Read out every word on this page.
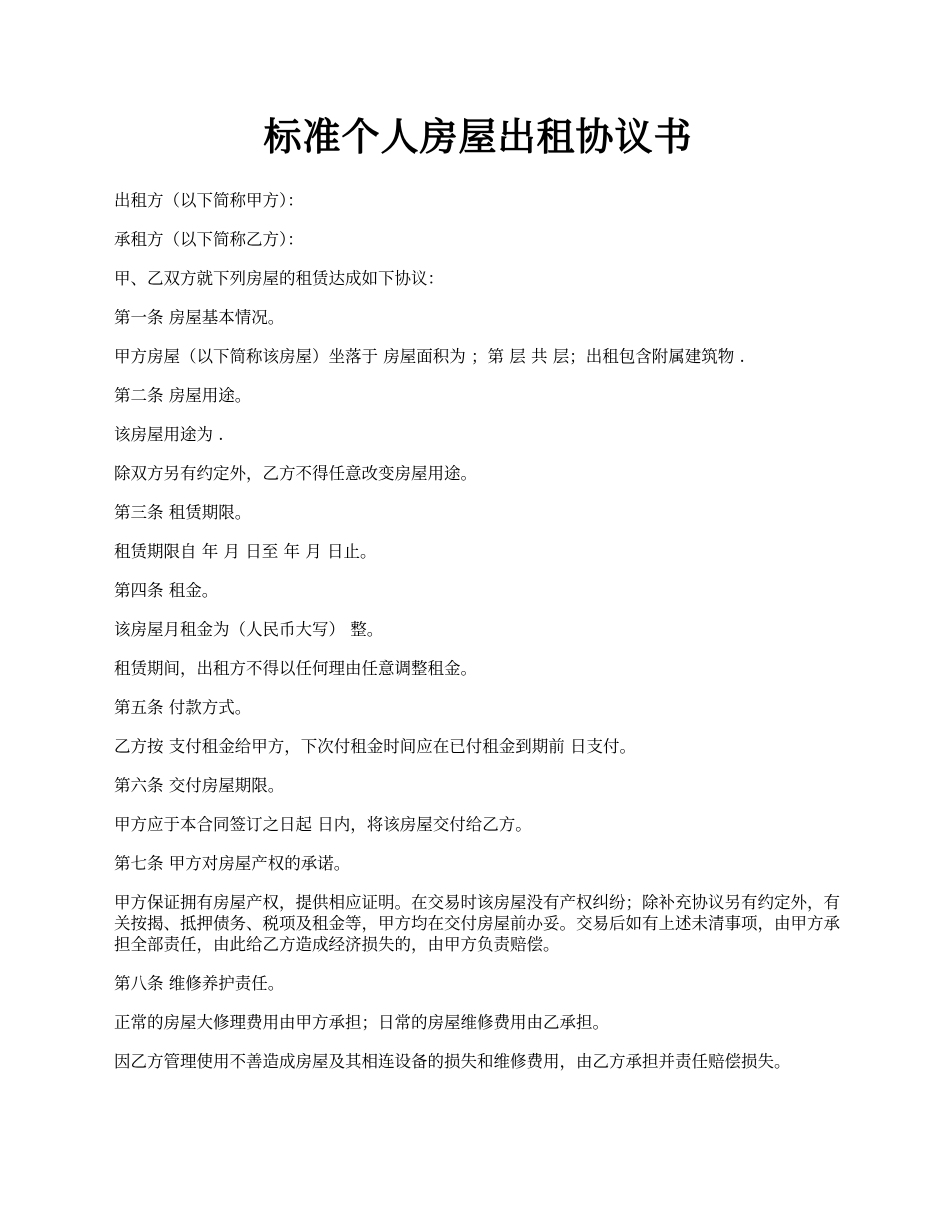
标准个人房屋出租协议书

出租方（以下简称甲方）：

承租方（以下简称乙方）：

甲、乙双方就下列房屋的租赁达成如下协议：

第一条 房屋基本情况。

甲方房屋（以下简称该房屋）坐落于 房屋面积为 ；第 层 共 层；出租包含附属建筑物 .

第二条 房屋用途。

该房屋用途为 .

除双方另有约定外，乙方不得任意改变房屋用途。

第三条 租赁期限。

租赁期限自 年 月 日至 年 月 日止。

第四条 租金。

该房屋月租金为（人民币大写） 整。

租赁期间，出租方不得以任何理由任意调整租金。

第五条 付款方式。

乙方按 支付租金给甲方，下次付租金时间应在已付租金到期前 日支付。

第六条 交付房屋期限。

甲方应于本合同签订之日起 日内，将该房屋交付给乙方。

第七条 甲方对房屋产权的承诺。

甲方保证拥有房屋产权，提供相应证明。在交易时该房屋没有产权纠纷；除补充协议另有约定外，有关按揭、抵押债务、税项及租金等，甲方均在交付房屋前办妥。交易后如有上述未清事项，由甲方承担全部责任，由此给乙方造成经济损失的，由甲方负责赔偿。

第八条 维修养护责任。

正常的房屋大修理费用由甲方承担；日常的房屋维修费用由乙承担。

因乙方管理使用不善造成房屋及其相连设备的损失和维修费用，由乙方承担并责任赔偿损失。
